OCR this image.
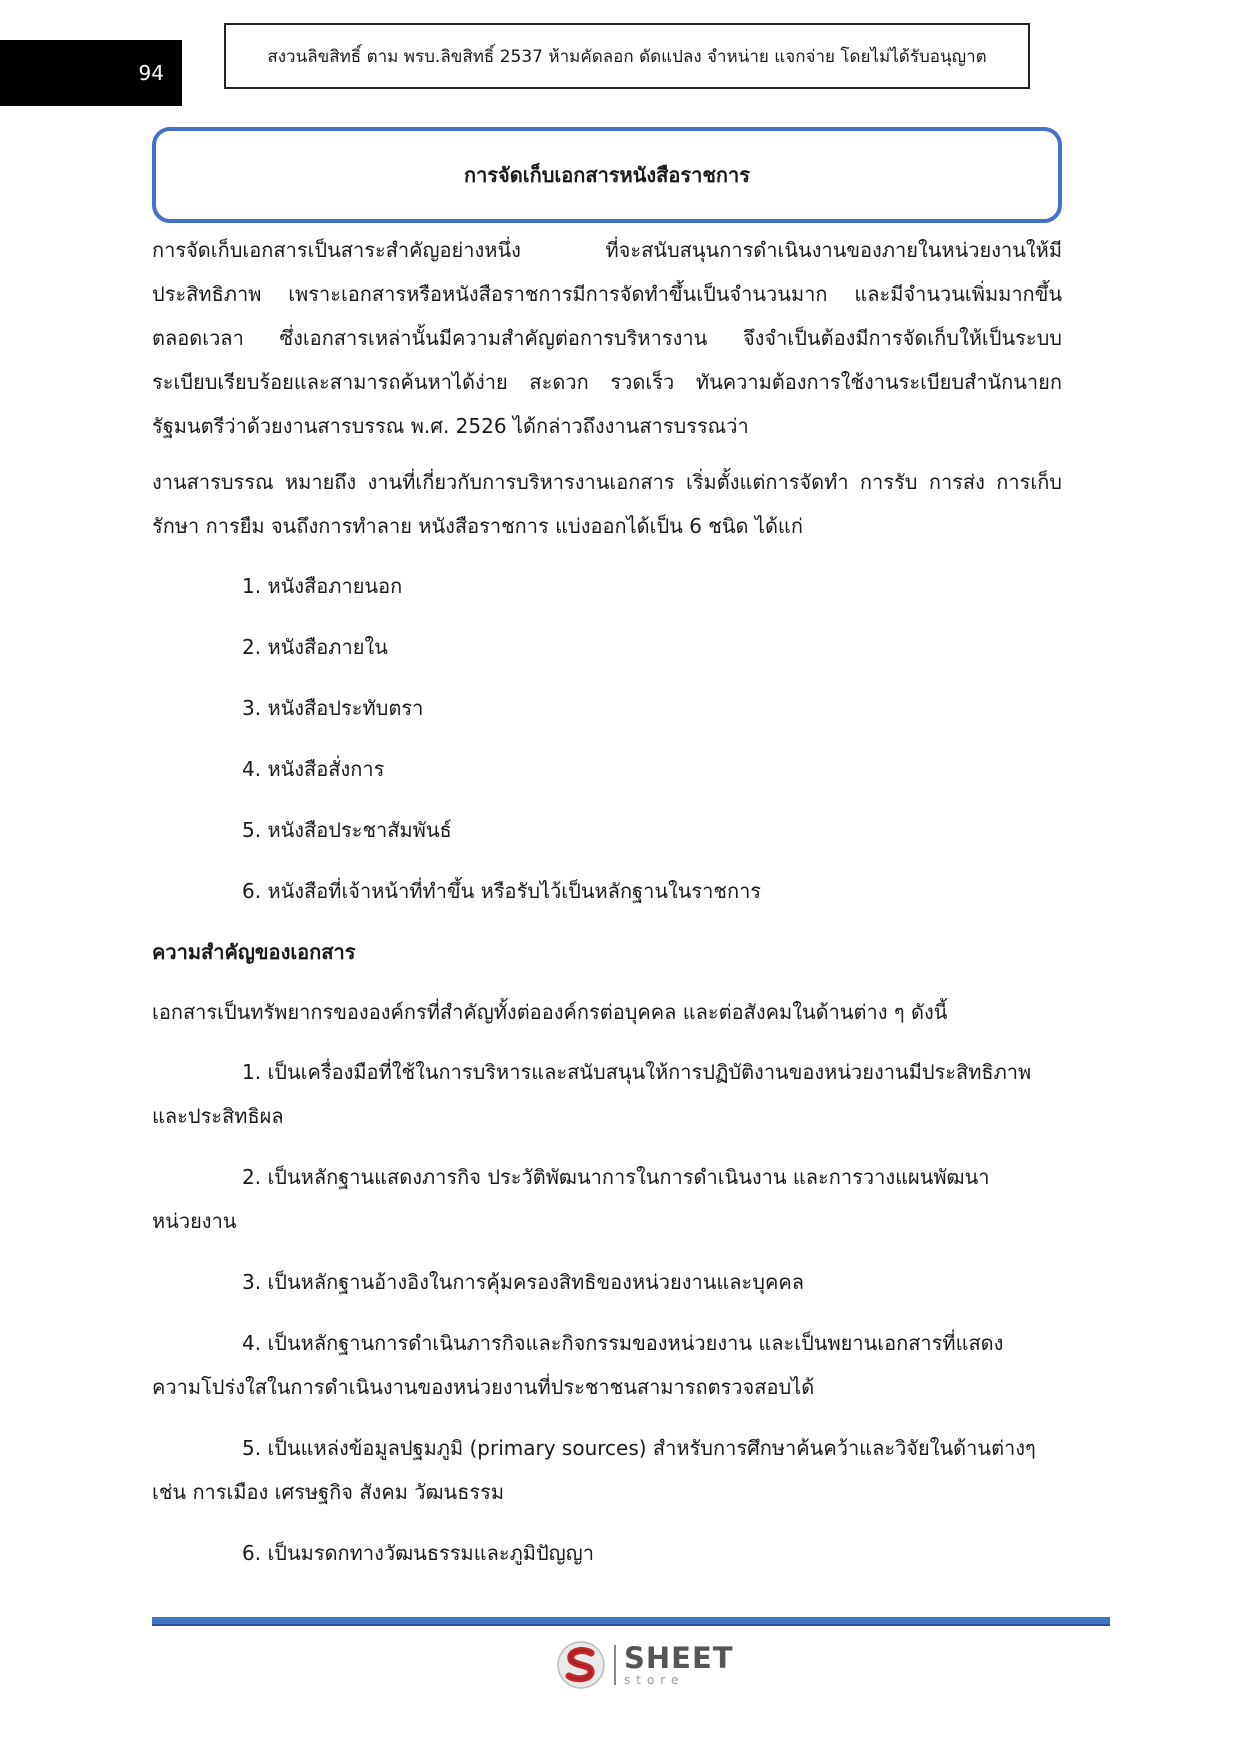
94
สงวนลิขสิทธิ์ ตาม พรบ.ลิขสิทธิ์ 2537 ห้ามคัดลอก ดัดแปลง จำหน่าย แจกจ่าย โดยไม่ได้รับอนุญาต
การจัดเก็บเอกสารหนังสือราชการ

การจัดเก็บเอกสารเป็นสาระสำคัญอย่างหนึ่ง ที่จะสนับสนุนการดำเนินงานของภายในหน่วยงานให้มีประสิทธิภาพ เพราะเอกสารหรือหนังสือราชการมีการจัดทำขึ้นเป็นจำนวนมาก และมีจำนวนเพิ่มมากขึ้นตลอดเวลา ซึ่งเอกสารเหล่านั้นมีความสำคัญต่อการบริหารงาน จึงจำเป็นต้องมีการจัดเก็บให้เป็นระบบระเบียบเรียบร้อยและสามารถค้นหาได้ง่าย สะดวก รวดเร็ว ทันความต้องการใช้งานระเบียบสำนักนายกรัฐมนตรีว่าด้วยงานสารบรรณ พ.ศ. 2526 ได้กล่าวถึงงานสารบรรณว่า

งานสารบรรณ หมายถึง งานที่เกี่ยวกับการบริหารงานเอกสาร เริ่มตั้งแต่การจัดทำ การรับ การส่ง การเก็บรักษา การยืม จนถึงการทำลาย หนังสือราชการ แบ่งออกได้เป็น 6 ชนิด ได้แก่

1. หนังสือภายนอก
2. หนังสือภายใน
3. หนังสือประทับตรา
4. หนังสือสั่งการ
5. หนังสือประชาสัมพันธ์
6. หนังสือที่เจ้าหน้าที่ทำขึ้น หรือรับไว้เป็นหลักฐานในราชการ
ความสำคัญของเอกสาร

เอกสารเป็นทรัพยากรขององค์กรที่สำคัญทั้งต่อองค์กรต่อบุคคล และต่อสังคมในด้านต่าง ๆ ดังนี้

1. เป็นเครื่องมือที่ใช้ในการบริหารและสนับสนุนให้การปฏิบัติงานของหน่วยงานมีประสิทธิภาพ
และประสิทธิผล
2. เป็นหลักฐานแสดงภารกิจ ประวัติพัฒนาการในการดำเนินงาน และการวางแผนพัฒนา
หน่วยงาน
3. เป็นหลักฐานอ้างอิงในการคุ้มครองสิทธิของหน่วยงานและบุคคล
4. เป็นหลักฐานการดำเนินภารกิจและกิจกรรมของหน่วยงาน และเป็นพยานเอกสารที่แสดง
ความโปร่งใสในการดำเนินงานของหน่วยงานที่ประชาชนสามารถตรวจสอบได้
5. เป็นแหล่งข้อมูลปฐมภูมิ (primary sources) สำหรับการศึกษาค้นคว้าและวิจัยในด้านต่างๆ
เช่น การเมือง เศรษฐกิจ สังคม วัฒนธรรม
6. เป็นมรดกทางวัฒนธรรมและภูมิปัญญา
SHEET
store
